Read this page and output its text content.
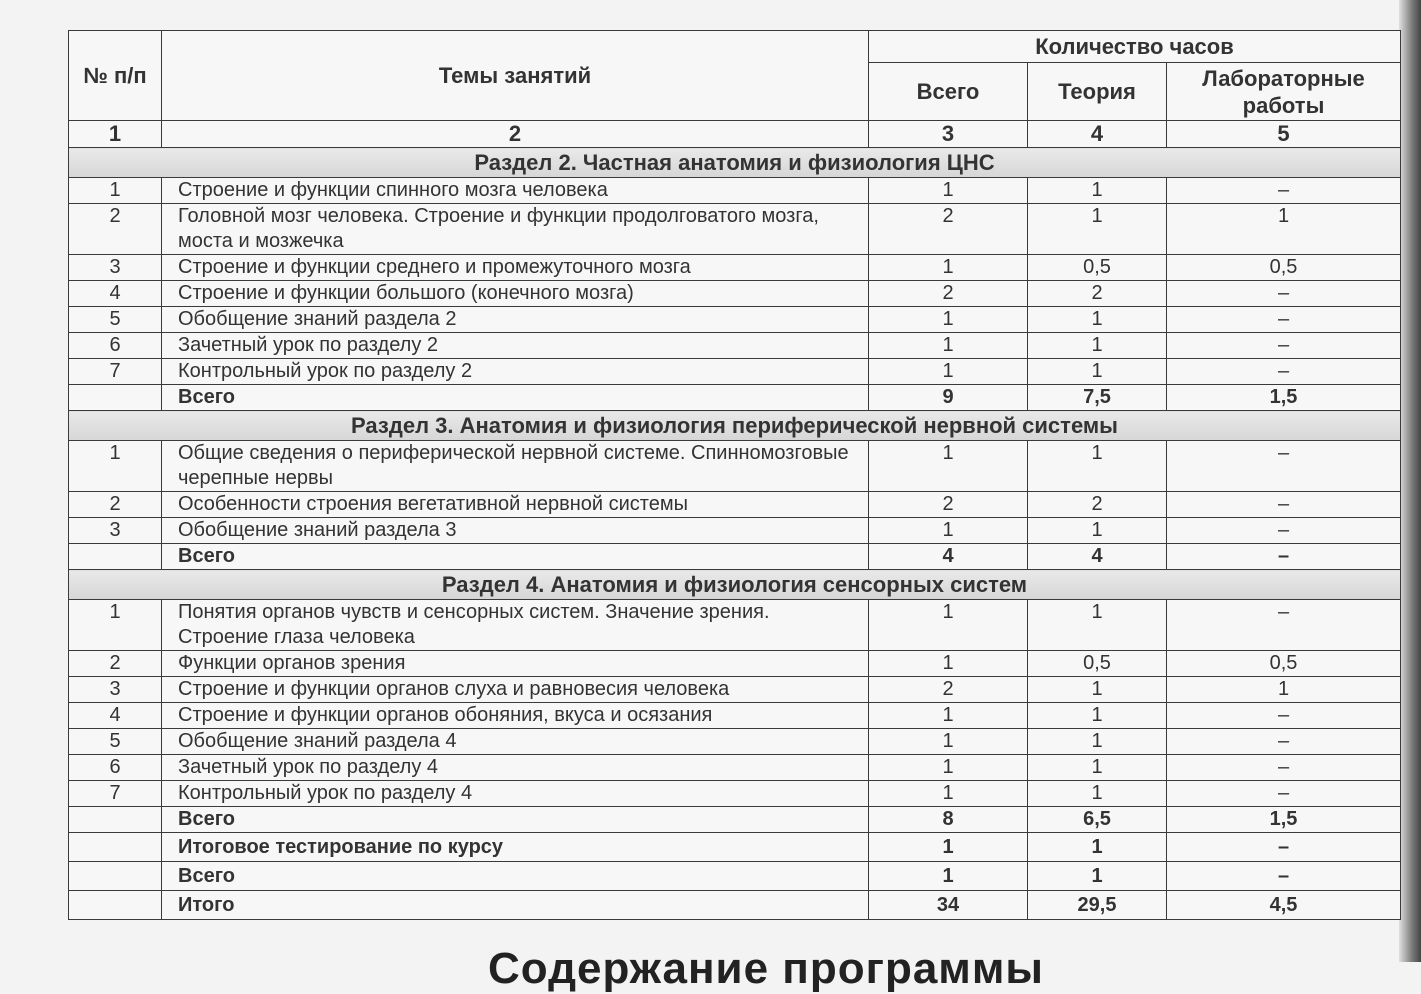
№ п/п	Темы занятий	Количество часов		
		Всего	Теория	Лабораторные работы
1	2	3	4	5
Раздел 2. Частная анатомия и физиология ЦНС				
1	Строение и функции спинного мозга человека	1	1	–
2	Головной мозг человека. Строение и функции продолговатого мозга, моста и мозжечка	2	1	1
3	Строение и функции среднего и промежуточного мозга	1	0,5	0,5
4	Строение и функции большого (конечного мозга)	2	2	–
5	Обобщение знаний раздела 2	1	1	–
6	Зачетный урок по разделу 2	1	1	–
7	Контрольный урок по разделу 2	1	1	–
	Всего	9	7,5	1,5
Раздел 3. Анатомия и физиология периферической нервной системы				
1	Общие сведения о периферической нервной системе. Спинномозговые черепные нервы	1	1	–
2	Особенности строения вегетативной нервной системы	2	2	–
3	Обобщение знаний раздела 3	1	1	–
	Всего	4	4	–
Раздел 4. Анатомия и физиология сенсорных систем				
1	Понятия органов чувств и сенсорных систем. Значение зрения. Строение глаза человека	1	1	–
2	Функции органов зрения	1	0,5	0,5
3	Строение и функции органов слуха и равновесия человека	2	1	1
4	Строение и функции органов обоняния, вкуса и осязания	1	1	–
5	Обобщение знаний раздела 4	1	1	–
6	Зачетный урок по разделу 4	1	1	–
7	Контрольный урок по разделу 4	1	1	–
	Всего	8	6,5	1,5
	Итоговое тестирование по курсу	1	1	–
	Всего	1	1	–
	Итого	34	29,5	4,5
Содержание программы
